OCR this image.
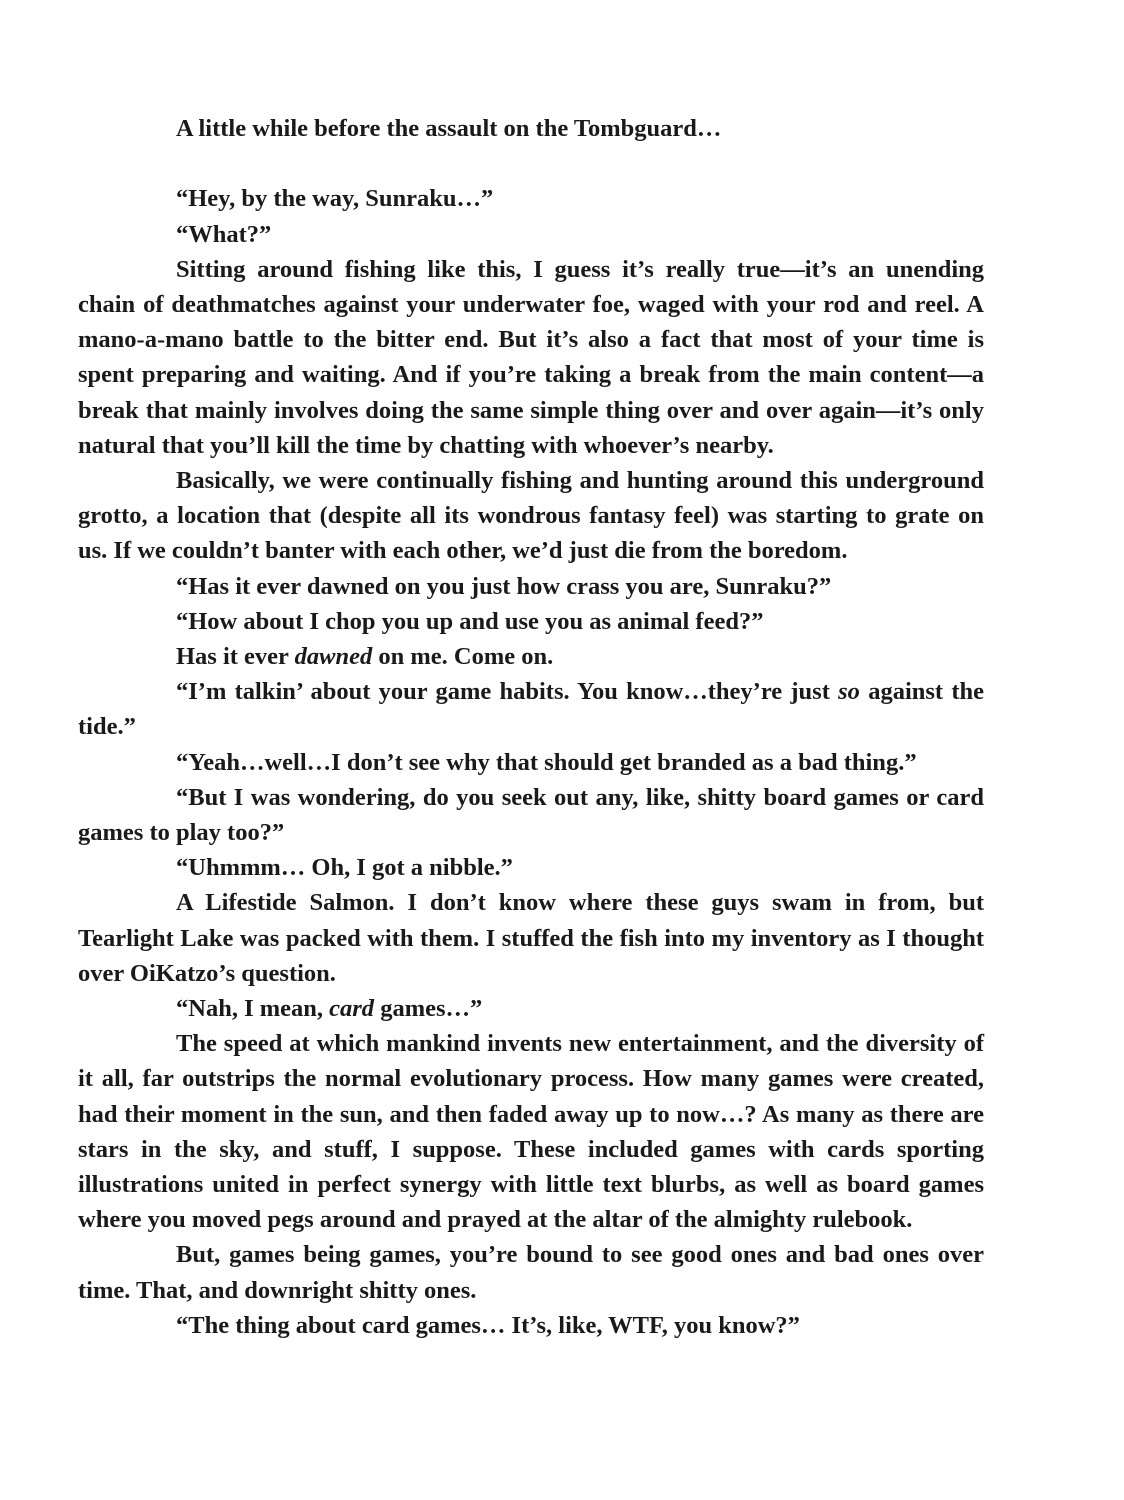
A little while before the assault on the Tombguard…

“Hey, by the way, Sunraku…”

“What?”

Sitting around fishing like this, I guess it’s really true—it’s an unending chain of deathmatches against your underwater foe, waged with your rod and reel. A mano-a-mano battle to the bitter end. But it’s also a fact that most of your time is spent preparing and waiting. And if you’re taking a break from the main content—a break that mainly involves doing the same simple thing over and over again—it’s only natural that you’ll kill the time by chatting with whoever’s nearby.

Basically, we were continually fishing and hunting around this underground grotto, a location that (despite all its wondrous fantasy feel) was starting to grate on us. If we couldn’t banter with each other, we’d just die from the boredom.

“Has it ever dawned on you just how crass you are, Sunraku?”

“How about I chop you up and use you as animal feed?”

Has it ever dawned on me. Come on.

“I’m talkin’ about your game habits. You know…they’re just so against the tide.”

“Yeah…well…I don’t see why that should get branded as a bad thing.”

“But I was wondering, do you seek out any, like, shitty board games or card games to play too?”

“Uhmmm… Oh, I got a nibble.”

A Lifestide Salmon. I don’t know where these guys swam in from, but Tearlight Lake was packed with them. I stuffed the fish into my inventory as I thought over OiKatzo’s question.

“Nah, I mean, card games…”

The speed at which mankind invents new entertainment, and the diversity of it all, far outstrips the normal evolutionary process. How many games were created, had their moment in the sun, and then faded away up to now…? As many as there are stars in the sky, and stuff, I suppose. These included games with cards sporting illustrations united in perfect synergy with little text blurbs, as well as board games where you moved pegs around and prayed at the altar of the almighty rulebook.

But, games being games, you’re bound to see good ones and bad ones over time. That, and downright shitty ones.

“The thing about card games… It’s, like, WTF, you know?”
